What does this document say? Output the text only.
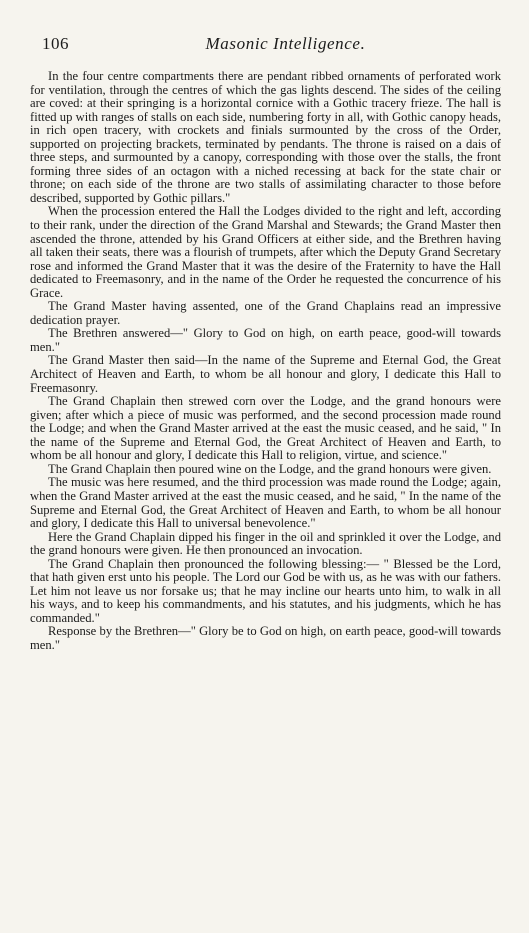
106	Masonic Intelligence.

In the four centre compartments there are pendant ribbed ornaments of perforated work for ventilation, through the centres of which the gas lights descend. The sides of the ceiling are coved: at their springing is a horizontal cornice with a Gothic tracery frieze. The hall is fitted up with ranges of stalls on each side, numbering forty in all, with Gothic canopy heads, in rich open tracery, with crockets and finials surmounted by the cross of the Order, supported on projecting brackets, terminated by pendants. The throne is raised on a dais of three steps, and surmounted by a canopy, corresponding with those over the stalls, the front forming three sides of an octagon with a niched recessing at back for the state chair or throne; on each side of the throne are two stalls of assimilating character to those before described, supported by Gothic pillars."

When the procession entered the Hall the Lodges divided to the right and left, according to their rank, under the direction of the Grand Marshal and Stewards; the Grand Master then ascended the throne, attended by his Grand Officers at either side, and the Brethren having all taken their seats, there was a flourish of trumpets, after which the Deputy Grand Secretary rose and informed the Grand Master that it was the desire of the Fraternity to have the Hall dedicated to Freemasonry, and in the name of the Order he requested the concurrence of his Grace.

The Grand Master having assented, one of the Grand Chaplains read an impressive dedication prayer.

The Brethren answered—" Glory to God on high, on earth peace, good-will towards men."

The Grand Master then said—In the name of the Supreme and Eternal God, the Great Architect of Heaven and Earth, to whom be all honour and glory, I dedicate this Hall to Freemasonry.

The Grand Chaplain then strewed corn over the Lodge, and the grand honours were given; after which a piece of music was performed, and the second procession made round the Lodge; and when the Grand Master arrived at the east the music ceased, and he said, " In the name of the Supreme and Eternal God, the Great Architect of Heaven and Earth, to whom be all honour and glory, I dedicate this Hall to religion, virtue, and science."

The Grand Chaplain then poured wine on the Lodge, and the grand honours were given.

The music was here resumed, and the third procession was made round the Lodge; again, when the Grand Master arrived at the east the music ceased, and he said, " In the name of the Supreme and Eternal God, the Great Architect of Heaven and Earth, to whom be all honour and glory, I dedicate this Hall to universal benevolence."

Here the Grand Chaplain dipped his finger in the oil and sprinkled it over the Lodge, and the grand honours were given. He then pronounced an invocation.

The Grand Chaplain then pronounced the following blessing:— " Blessed be the Lord, that hath given erst unto his people. The Lord our God be with us, as he was with our fathers. Let him not leave us nor forsake us; that he may incline our hearts unto him, to walk in all his ways, and to keep his commandments, and his statutes, and his judgments, which he has commanded."

Response by the Brethren—" Glory be to God on high, on earth peace, good-will towards men."
